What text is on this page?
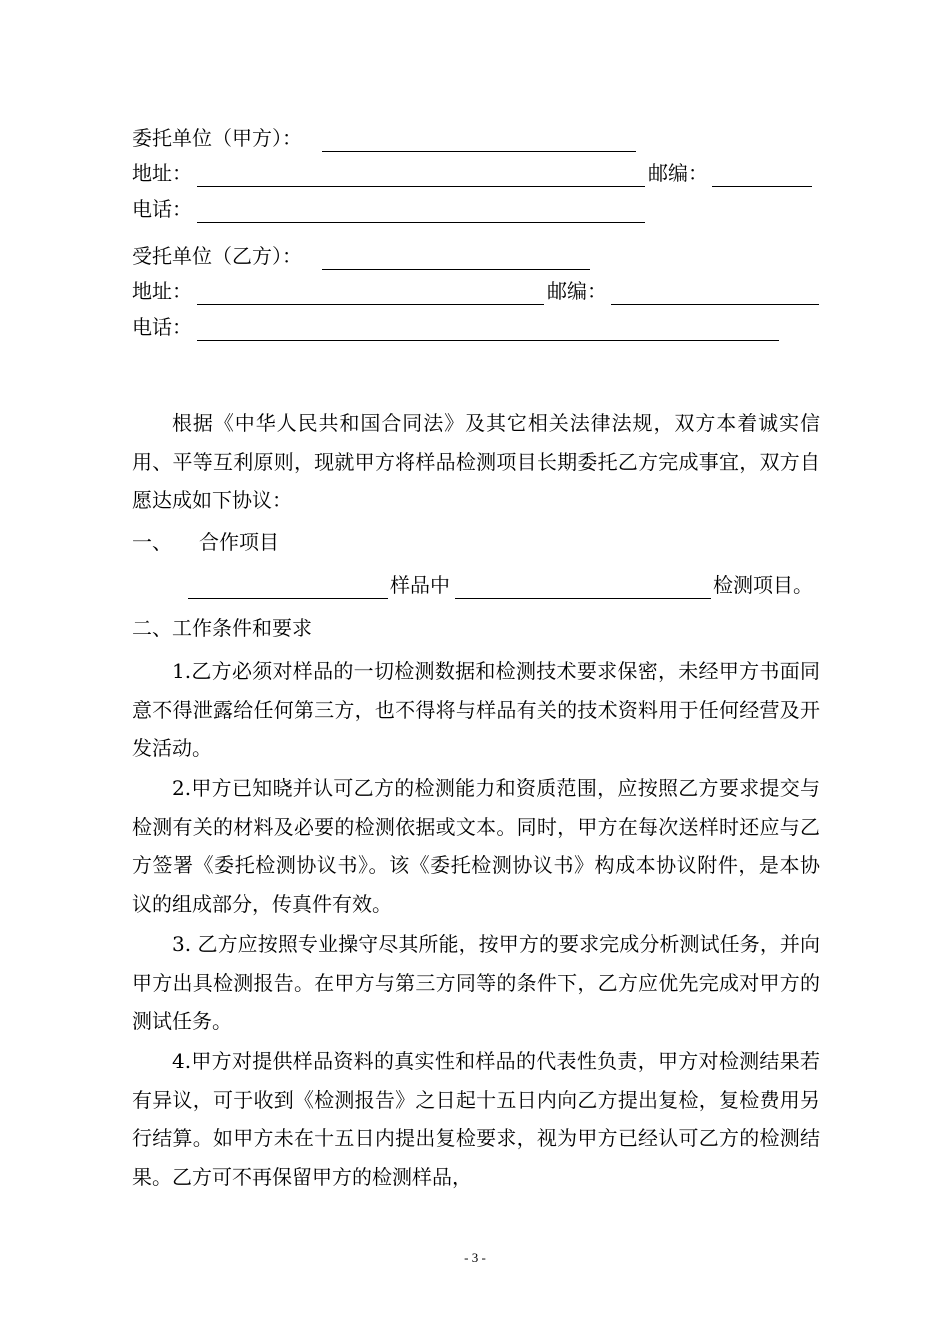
委托单位（甲方）：
地址：	邮编：
电话：
受托单位（乙方）：
地址：	邮编：
电话：
根据《中华人民共和国合同法》及其它相关法律法规，双方本着诚实信用、平等互利原则，现就甲方将样品检测项目长期委托乙方完成事宜，双方自愿达成如下协议：
一、 合作项目
样品中	检测项目。
二、工作条件和要求
1.乙方必须对样品的一切检测数据和检测技术要求保密，未经甲方书面同意不得泄露给任何第三方，也不得将与样品有关的技术资料用于任何经营及开发活动。
2.甲方已知晓并认可乙方的检测能力和资质范围，应按照乙方要求提交与检测有关的材料及必要的检测依据或文本。同时，甲方在每次送样时还应与乙方签署《委托检测协议书》。该《委托检测协议书》构成本协议附件，是本协议的组成部分，传真件有效。
3. 乙方应按照专业操守尽其所能，按甲方的要求完成分析测试任务，并向甲方出具检测报告。在甲方与第三方同等的条件下，乙方应优先完成对甲方的测试任务。
4.甲方对提供样品资料的真实性和样品的代表性负责，甲方对检测结果若有异议，可于收到《检测报告》之日起十五日内向乙方提出复检，复检费用另行结算。如甲方未在十五日内提出复检要求，视为甲方已经认可乙方的检测结果。乙方可不再保留甲方的检测样品，
- 3 -
